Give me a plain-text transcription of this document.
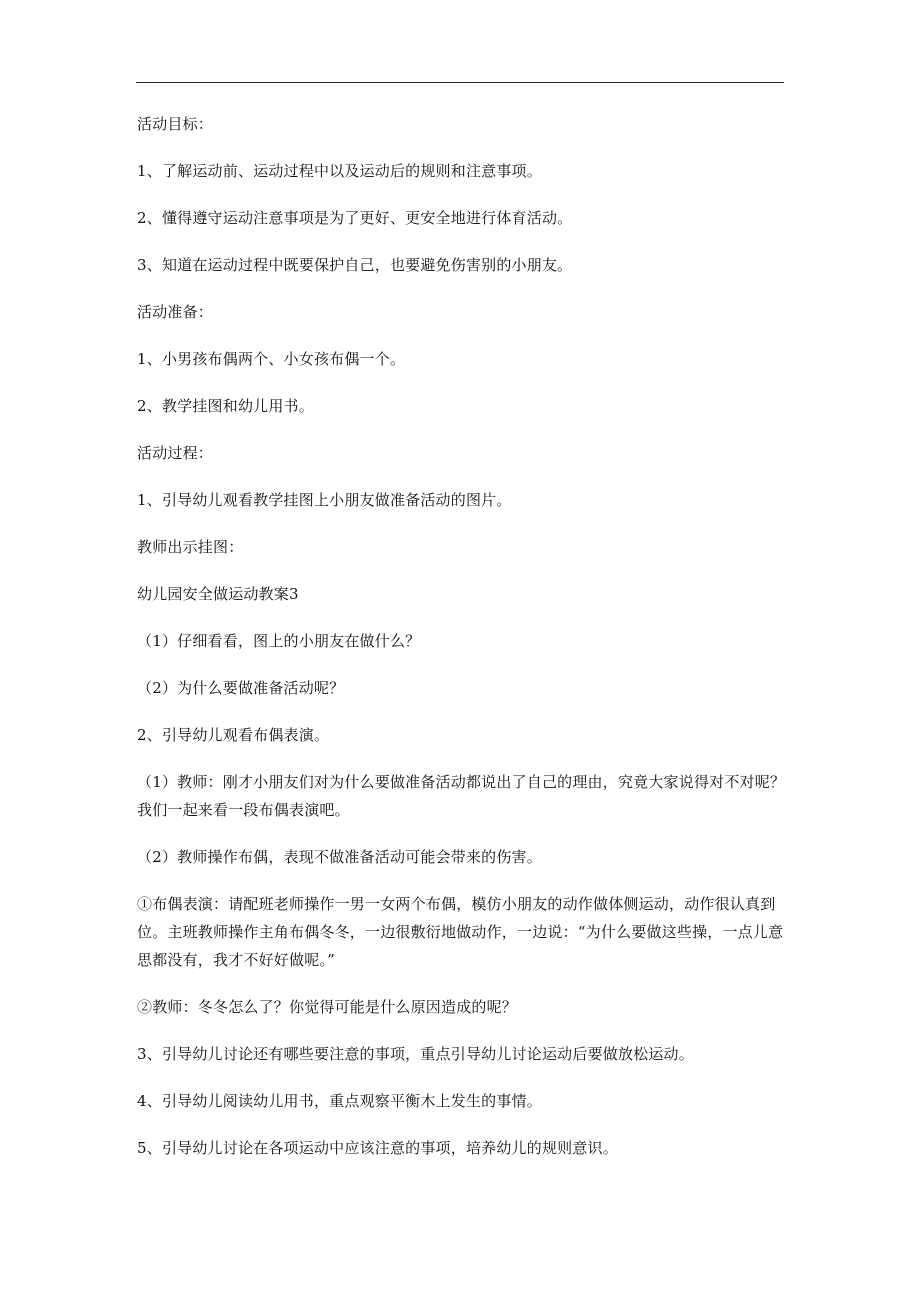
活动目标：

1、了解运动前、运动过程中以及运动后的规则和注意事项。

2、懂得遵守运动注意事项是为了更好、更安全地进行体育活动。

3、知道在运动过程中既要保护自己，也要避免伤害别的小朋友。

活动准备：

1、小男孩布偶两个、小女孩布偶一个。

2、教学挂图和幼儿用书。

活动过程：

1、引导幼儿观看教学挂图上小朋友做准备活动的图片。

教师出示挂图：

幼儿园安全做运动教案3

（1）仔细看看，图上的小朋友在做什么？

（2）为什么要做准备活动呢？

2、引导幼儿观看布偶表演。

（1）教师：刚才小朋友们对为什么要做准备活动都说出了自己的理由，究竟大家说得对不对呢？我们一起来看一段布偶表演吧。

（2）教师操作布偶，表现不做准备活动可能会带来的伤害。

①布偶表演：请配班老师操作一男一女两个布偶，模仿小朋友的动作做体侧运动，动作很认真到位。主班教师操作主角布偶冬冬，一边很敷衍地做动作，一边说：“为什么要做这些操，一点儿意思都没有，我才不好好做呢。”

②教师：冬冬怎么了？你觉得可能是什么原因造成的呢？

3、引导幼儿讨论还有哪些要注意的事项，重点引导幼儿讨论运动后要做放松运动。

4、引导幼儿阅读幼儿用书，重点观察平衡木上发生的事情。

5、引导幼儿讨论在各项运动中应该注意的事项，培养幼儿的规则意识。
